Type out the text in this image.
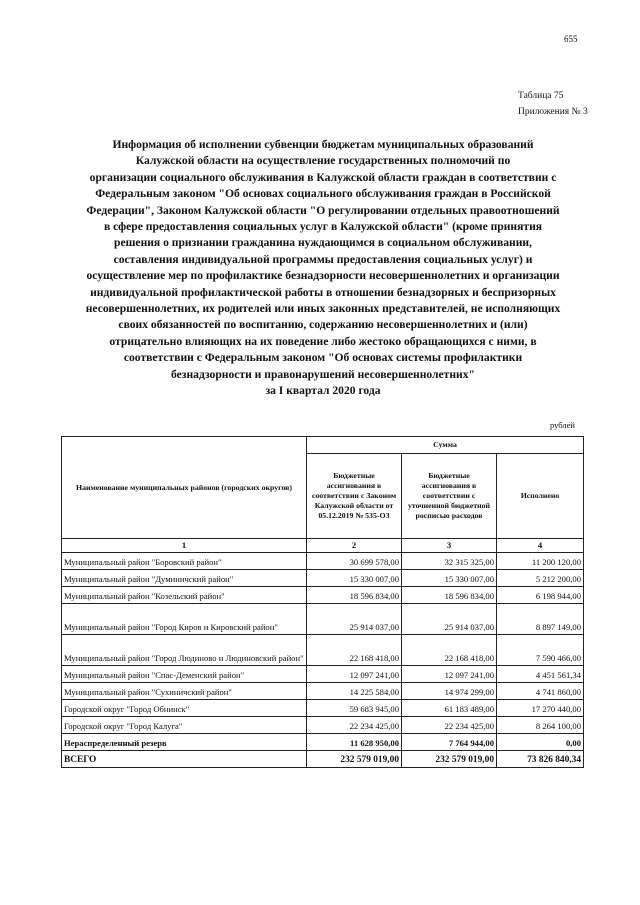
655
Таблица 75
Приложения № 3
Информация об исполнении субвенции бюджетам муниципальных образований
Калужской области на осуществление государственных полномочий по
организации социального обслуживания в Калужской области граждан в соответствии с
Федеральным законом "Об основах социального обслуживания граждан в Российской
Федерации", Законом Калужской области "О регулировании отдельных правоотношений
в сфере предоставления социальных услуг в Калужской области" (кроме принятия
решения о признании гражданина нуждающимся в социальном обслуживании,
составления индивидуальной программы предоставления социальных услуг) и
осуществление мер по профилактике безнадзорности несовершеннолетних и организации
индивидуальной профилактической работы в отношении безнадзорных и беспризорных
несовершеннолетних, их родителей или иных законных представителей, не исполняющих
своих обязанностей по воспитанию, содержанию несовершеннолетних и (или)
отрицательно влияющих на их поведение либо жестоко обращающихся с ними, в
соответствии с Федеральным законом "Об основах системы профилактики
безнадзорности и правонарушений несовершеннолетних"
за I квартал 2020 года
рублей
Наименование муниципальных районов (городских округов)	Сумма		
	Бюджетные ассигнования в соответствии с Законом Калужской области от 05.12.2019 № 535-ОЗ	Бюджетные ассигнования в соответствии с уточненной бюджетной росписью расходов	Исполнено
1	2	3	4
Муниципальный район "Боровский район"	30 699 578,00	32 315 325,00	11 200 120,00
Муниципальный район "Думиничский район"	15 330 007,00	15 330 007,00	5 212 200,00
Муниципальный район "Козельский район"	18 596 834,00	18 596 834,00	6 198 944,00
Муниципальный район "Город Киров и Кировский район"	25 914 037,00	25 914 037,00	8 897 149,00
Муниципальный район "Город Людиново и Людиновский район"	22 168 418,00	22 168 418,00	7 590 466,00
Муниципальный район "Спас-Деменский район"	12 097 241,00	12 097 241,00	4 451 561,34
Муниципальный район "Сухиничский район"	14 225 584,00	14 974 299,00	4 741 860,00
Городской округ "Город Обнинск"	59 683 945,00	61 183 489,00	17 270 440,00
Городской округ "Город Калуга"	22 234 425,00	22 234 425,00	8 264 100,00
Нераспределенный резерв	11 628 950,00	7 764 944,00	0,00
ВСЕГО	232 579 019,00	232 579 019,00	73 826 840,34
